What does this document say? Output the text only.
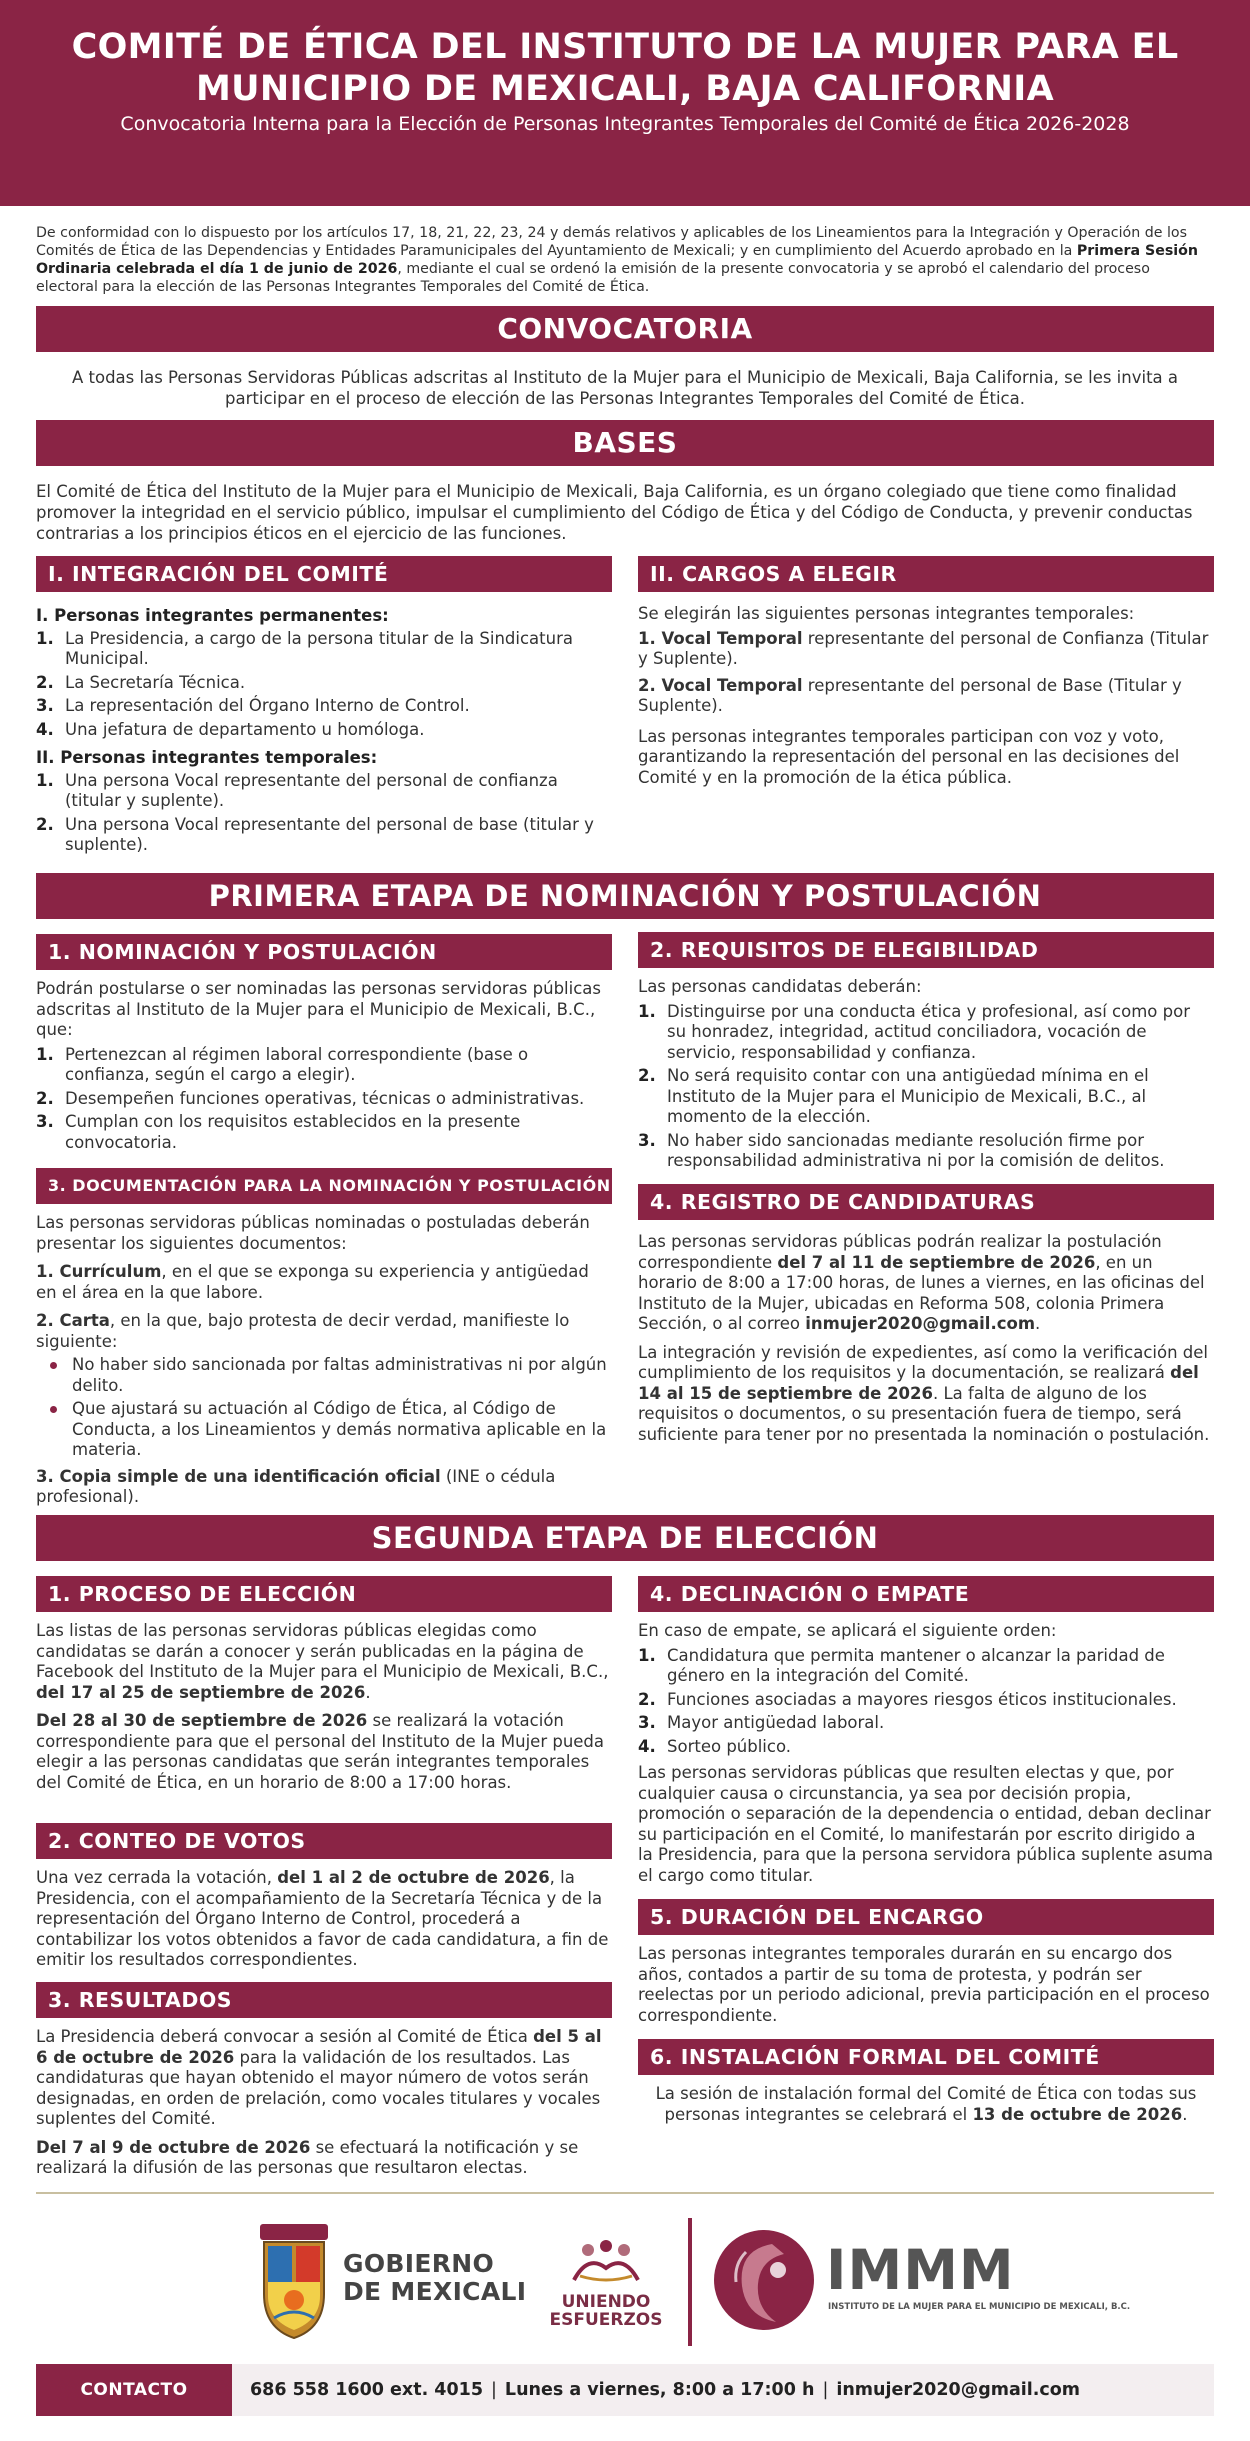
COMITÉ DE ÉTICA DEL INSTITUTO DE LA MUJER PARA EL MUNICIPIO DE MEXICALI, BAJA CALIFORNIA
Convocatoria Interna para la Elección de Personas Integrantes Temporales del Comité de Ética 2026-2028
De conformidad con lo dispuesto por los artículos 17, 18, 21, 22, 23, 24 y demás relativos y aplicables de los Lineamientos para la Integración y Operación de los Comités de Ética de las Dependencias y Entidades Paramunicipales del Ayuntamiento de Mexicali; y en cumplimiento del Acuerdo aprobado en la Primera Sesión Ordinaria celebrada el día 1 de junio de 2026, mediante el cual se ordenó la emisión de la presente convocatoria y se aprobó el calendario del proceso electoral para la elección de las Personas Integrantes Temporales del Comité de Ética.
CONVOCATORIA
A todas las Personas Servidoras Públicas adscritas al Instituto de la Mujer para el Municipio de Mexicali, Baja California, se les invita a participar en el proceso de elección de las Personas Integrantes Temporales del Comité de Ética.
BASES
El Comité de Ética del Instituto de la Mujer para el Municipio de Mexicali, Baja California, es un órgano colegiado que tiene como finalidad promover la integridad en el servicio público, impulsar el cumplimiento del Código de Ética y del Código de Conducta, y prevenir conductas contrarias a los principios éticos en el ejercicio de las funciones.
I. INTEGRACIÓN DEL COMITÉ
I. Personas integrantes permanentes:
1. La Presidencia, a cargo de la persona titular de la Sindicatura Municipal.
2. La Secretaría Técnica.
3. La representación del Órgano Interno de Control.
4. Una jefatura de departamento u homóloga.
II. Personas integrantes temporales:
1. Una persona Vocal representante del personal de confianza (titular y suplente).
2. Una persona Vocal representante del personal de base (titular y suplente).
II. CARGOS A ELEGIR

Se elegirán las siguientes personas integrantes temporales:

1. Vocal Temporal representante del personal de Confianza (Titular y Suplente).

2. Vocal Temporal representante del personal de Base (Titular y Suplente).

Las personas integrantes temporales participan con voz y voto, garantizando la representación del personal en las decisiones del Comité y en la promoción de la ética pública.

PRIMERA ETAPA DE NOMINACIÓN Y POSTULACIÓN
1. NOMINACIÓN Y POSTULACIÓN

Podrán postularse o ser nominadas las personas servidoras públicas adscritas al Instituto de la Mujer para el Municipio de Mexicali, B.C., que:

1. Pertenezcan al régimen laboral correspondiente (base o confianza, según el cargo a elegir).
2. Desempeñen funciones operativas, técnicas o administrativas.
3. Cumplan con los requisitos establecidos en la presente convocatoria.
3. DOCUMENTACIÓN PARA LA NOMINACIÓN Y POSTULACIÓN

Las personas servidoras públicas nominadas o postuladas deberán presentar los siguientes documentos:

1. Currículum, en el que se exponga su experiencia y antigüedad en el área en la que labore.

2. Carta, en la que, bajo protesta de decir verdad, manifieste lo siguiente:

No haber sido sancionada por faltas administrativas ni por algún delito.
Que ajustará su actuación al Código de Ética, al Código de Conducta, a los Lineamientos y demás normativa aplicable en la materia.

3. Copia simple de una identificación oficial (INE o cédula profesional).

2. REQUISITOS DE ELEGIBILIDAD

Las personas candidatas deberán:

1. Distinguirse por una conducta ética y profesional, así como por su honradez, integridad, actitud conciliadora, vocación de servicio, responsabilidad y confianza.
2. No será requisito contar con una antigüedad mínima en el Instituto de la Mujer para el Municipio de Mexicali, B.C., al momento de la elección.
3. No haber sido sancionadas mediante resolución firme por responsabilidad administrativa ni por la comisión de delitos.
4. REGISTRO DE CANDIDATURAS

Las personas servidoras públicas podrán realizar la postulación correspondiente del 7 al 11 de septiembre de 2026, en un horario de 8:00 a 17:00 horas, de lunes a viernes, en las oficinas del Instituto de la Mujer, ubicadas en Reforma 508, colonia Primera Sección, o al correo inmujer2020@gmail.com.

La integración y revisión de expedientes, así como la verificación del cumplimiento de los requisitos y la documentación, se realizará del 14 al 15 de septiembre de 2026. La falta de alguno de los requisitos o documentos, o su presentación fuera de tiempo, será suficiente para tener por no presentada la nominación o postulación.

SEGUNDA ETAPA DE ELECCIÓN
1. PROCESO DE ELECCIÓN

Las listas de las personas servidoras públicas elegidas como candidatas se darán a conocer y serán publicadas en la página de Facebook del Instituto de la Mujer para el Municipio de Mexicali, B.C., del 17 al 25 de septiembre de 2026.

Del 28 al 30 de septiembre de 2026 se realizará la votación correspondiente para que el personal del Instituto de la Mujer pueda elegir a las personas candidatas que serán integrantes temporales del Comité de Ética, en un horario de 8:00 a 17:00 horas.

2. CONTEO DE VOTOS

Una vez cerrada la votación, del 1 al 2 de octubre de 2026, la Presidencia, con el acompañamiento de la Secretaría Técnica y de la representación del Órgano Interno de Control, procederá a contabilizar los votos obtenidos a favor de cada candidatura, a fin de emitir los resultados correspondientes.

3. RESULTADOS

La Presidencia deberá convocar a sesión al Comité de Ética del 5 al 6 de octubre de 2026 para la validación de los resultados. Las candidaturas que hayan obtenido el mayor número de votos serán designadas, en orden de prelación, como vocales titulares y vocales suplentes del Comité.

Del 7 al 9 de octubre de 2026 se efectuará la notificación y se realizará la difusión de las personas que resultaron electas.

4. DECLINACIÓN O EMPATE

En caso de empate, se aplicará el siguiente orden:

1. Candidatura que permita mantener o alcanzar la paridad de género en la integración del Comité.
2. Funciones asociadas a mayores riesgos éticos institucionales.
3. Mayor antigüedad laboral.
4. Sorteo público.

Las personas servidoras públicas que resulten electas y que, por cualquier causa o circunstancia, ya sea por decisión propia, promoción o separación de la dependencia o entidad, deban declinar su participación en el Comité, lo manifestarán por escrito dirigido a la Presidencia, para que la persona servidora pública suplente asuma el cargo como titular.

5. DURACIÓN DEL ENCARGO

Las personas integrantes temporales durarán en su encargo dos años, contados a partir de su toma de protesta, y podrán ser reelectas por un periodo adicional, previa participación en el proceso correspondiente.

6. INSTALACIÓN FORMAL DEL COMITÉ

La sesión de instalación formal del Comité de Ética con todas sus personas integrantes se celebrará el 13 de octubre de 2026.

GOBIERNO
DE MEXICALI	UNIENDO
ESFUERZOS
IMMM
INSTITUTO DE LA MUJER PARA EL MUNICIPIO DE MEXICALI, B.C.
CONTACTO	686 558 1600 ext. 4015 | Lunes a viernes, 8:00 a 17:00 h | inmujer2020@gmail.com
